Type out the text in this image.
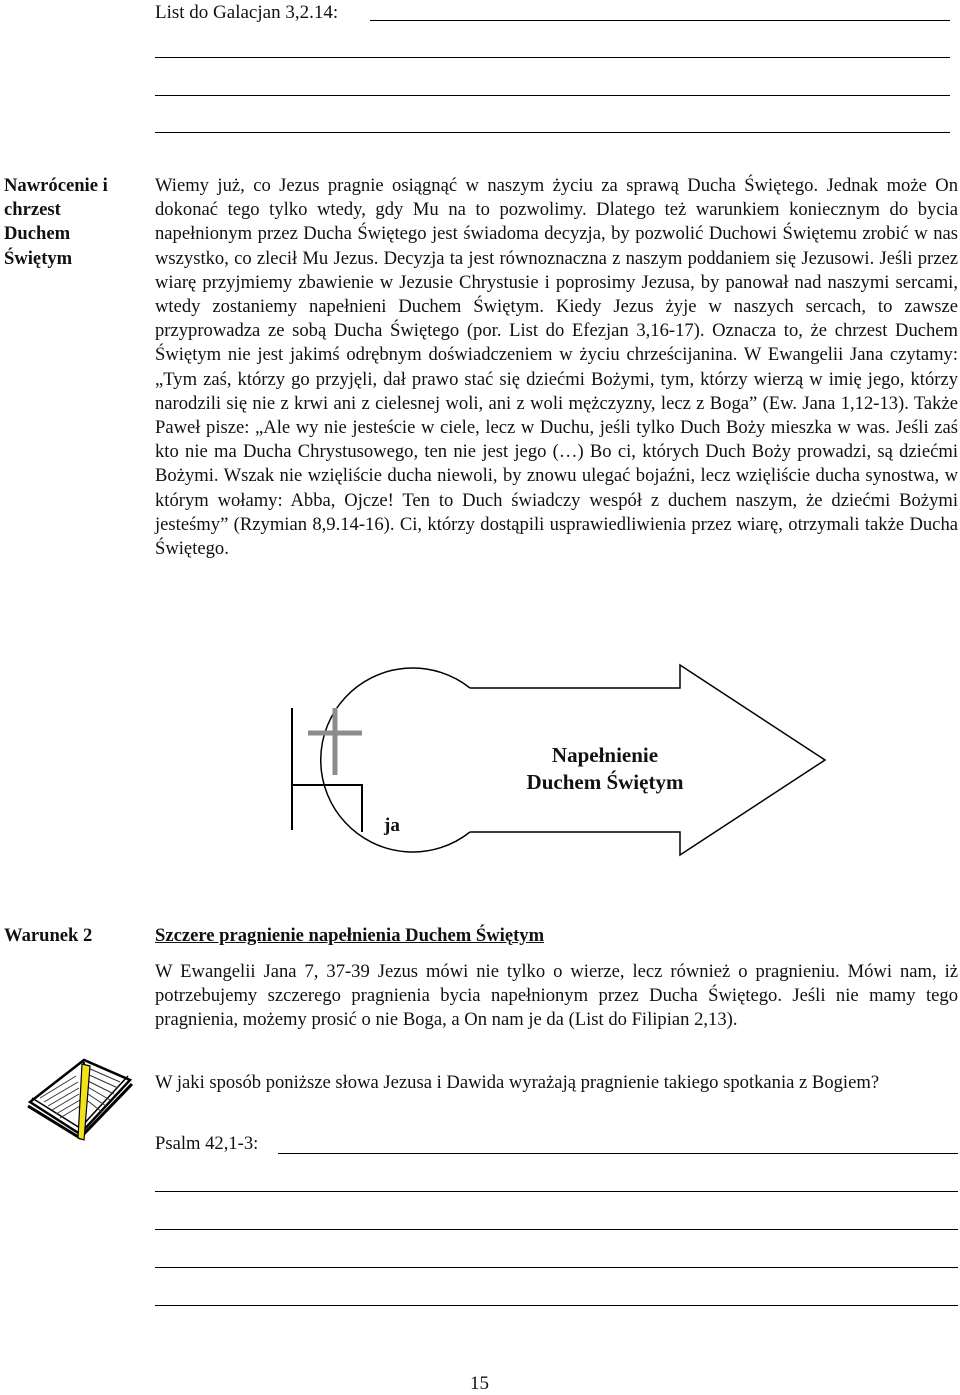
List do Galacjan 3,2.14:
Nawrócenie i chrzest Duchem Świętym

Wiemy już, co Jezus pragnie osiągnąć w naszym życiu za sprawą Ducha Świętego. Jednak może On dokonać tego tylko wtedy, gdy Mu na to pozwolimy. Dlatego też warunkiem koniecznym do bycia napełnionym przez Ducha Świętego jest świadoma decyzja, by pozwolić Duchowi Świętemu zrobić w nas wszystko, co zlecił Mu Jezus. Decyzja ta jest równoznaczna z naszym poddaniem się Jezusowi. Jeśli przez wiarę przyjmiemy zbawienie w Jezusie Chrystusie i poprosimy Jezusa, by panował nad naszymi sercami, wtedy zostaniemy napełnieni Duchem Świętym. Kiedy Jezus żyje w naszych sercach, to zawsze przyprowadza ze sobą Ducha Świętego (por. List do Efezjan 3,16-17). Oznacza to, że chrzest Duchem Świętym nie jest jakimś odrębnym doświadczeniem w życiu chrześcijanina. W Ewangelii Jana czytamy: „Tym zaś, którzy go przyjęli, dał prawo stać się dziećmi Bożymi, tym, którzy wierzą w imię jego, którzy narodzili się nie z krwi ani z cielesnej woli, ani z woli mężczyzny, lecz z Boga” (Ew. Jana 1,12-13). Także Paweł pisze: „Ale wy nie jesteście w ciele, lecz w Duchu, jeśli tylko Duch Boży mieszka w was. Jeśli zaś kto nie ma Ducha Chrystusowego, ten nie jest jego (…) Bo ci, których Duch Boży prowadzi, są dziećmi Bożymi. Wszak nie wzięliście ducha niewoli, by znowu ulegać bojaźni, lecz wzięliście ducha synostwa, w którym wołamy: Abba, Ojcze! Ten to Duch świadczy wespół z duchem naszym, że dziećmi Bożymi jesteśmy” (Rzymian 8,9.14-16). Ci, którzy dostąpili usprawiedliwienia przez wiarę, otrzymali także Ducha Świętego.

Napełnienie
Duchem Świętym
ja
Warunek 2	Szczere pragnienie napełnienia Duchem Świętym

W Ewangelii Jana 7, 37-39 Jezus mówi nie tylko o wierze, lecz również o pragnieniu. Mówi nam, iż potrzebujemy szczerego pragnienia bycia napełnionym przez Ducha Świętego. Jeśli nie mamy tego pragnienia, możemy prosić o nie Boga, a On nam je da (List do Filipian 2,13).

W jaki sposób poniższe słowa Jezusa i Dawida wyrażają pragnienie takiego spotkania z Bogiem?

Psalm 42,1-3:
15
